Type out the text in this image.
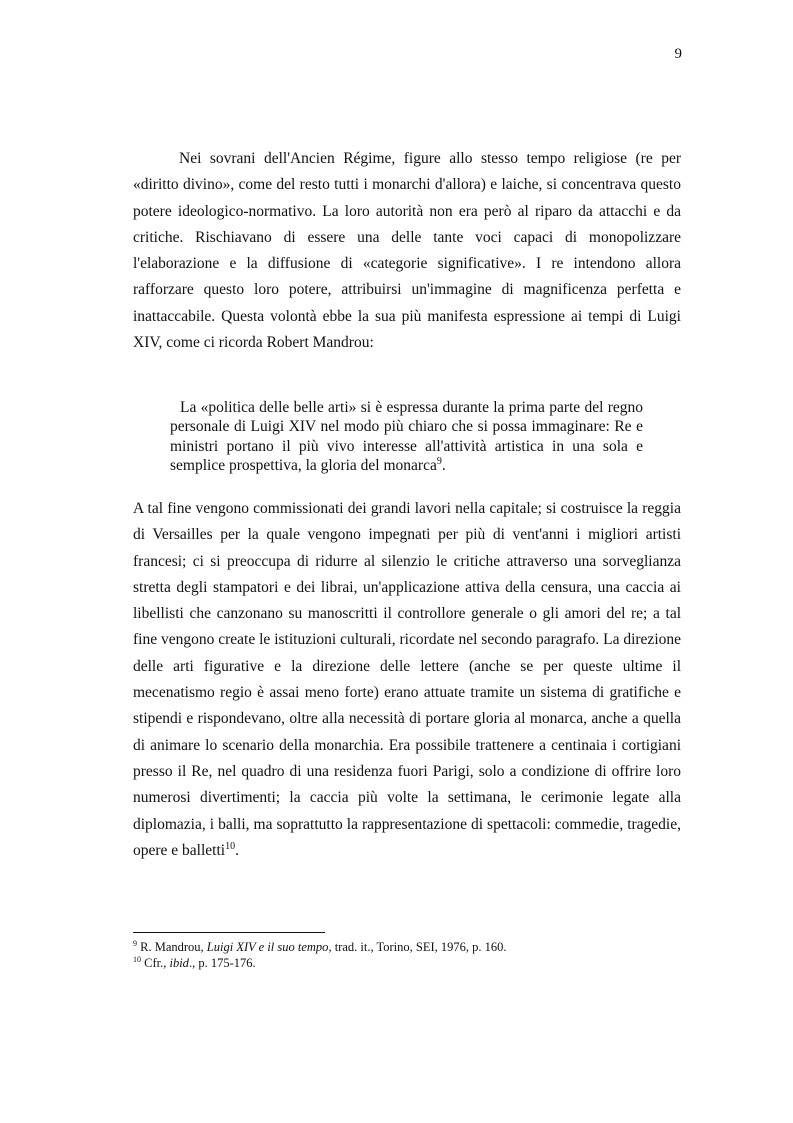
9

Nei sovrani dell'Ancien Régime, figure allo stesso tempo religiose (re per «diritto divino», come del resto tutti i monarchi d'allora) e laiche, si concentrava questo potere ideologico-normativo. La loro autorità non era però al riparo da attacchi e da critiche. Rischiavano di essere una delle tante voci capaci di monopolizzare l'elaborazione e la diffusione di «categorie significative». I re intendono allora rafforzare questo loro potere, attribuirsi un'immagine di magnificenza perfetta e inattaccabile. Questa volontà ebbe la sua più manifesta espressione ai tempi di Luigi XIV, come ci ricorda Robert Mandrou:

La «politica delle belle arti» si è espressa durante la prima parte del regno personale di Luigi XIV nel modo più chiaro che si possa immaginare: Re e ministri portano il più vivo interesse all'attività artistica in una sola e semplice prospettiva, la gloria del monarca$^9$.

A tal fine vengono commissionati dei grandi lavori nella capitale; si costruisce la reggia di Versailles per la quale vengono impegnati per più di vent'anni i migliori artisti francesi; ci si preoccupa di ridurre al silenzio le critiche attraverso una sorveglianza stretta degli stampatori e dei librai, un'applicazione attiva della censura, una caccia ai libellisti che canzonano su manoscritti il controllore generale o gli amori del re; a tal fine vengono create le istituzioni culturali, ricordate nel secondo paragrafo. La direzione delle arti figurative e la direzione delle lettere (anche se per queste ultime il mecenatismo regio è assai meno forte) erano attuate tramite un sistema di gratifiche e stipendi e rispondevano, oltre alla necessità di portare gloria al monarca, anche a quella di animare lo scenario della monarchia. Era possibile trattenere a centinaia i cortigiani presso il Re, nel quadro di una residenza fuori Parigi, solo a condizione di offrire loro numerosi divertimenti; la caccia più volte la settimana, le cerimonie legate alla diplomazia, i balli, ma soprattutto la rappresentazione di spettacoli: commedie, tragedie, opere e balletti$^{10}$.

$^9$ R. Mandrou, Luigi XIV e il suo tempo, trad. it., Torino, SEI, 1976, p. 160.
$^{10}$ Cfr., ibid., p. 175-176.
